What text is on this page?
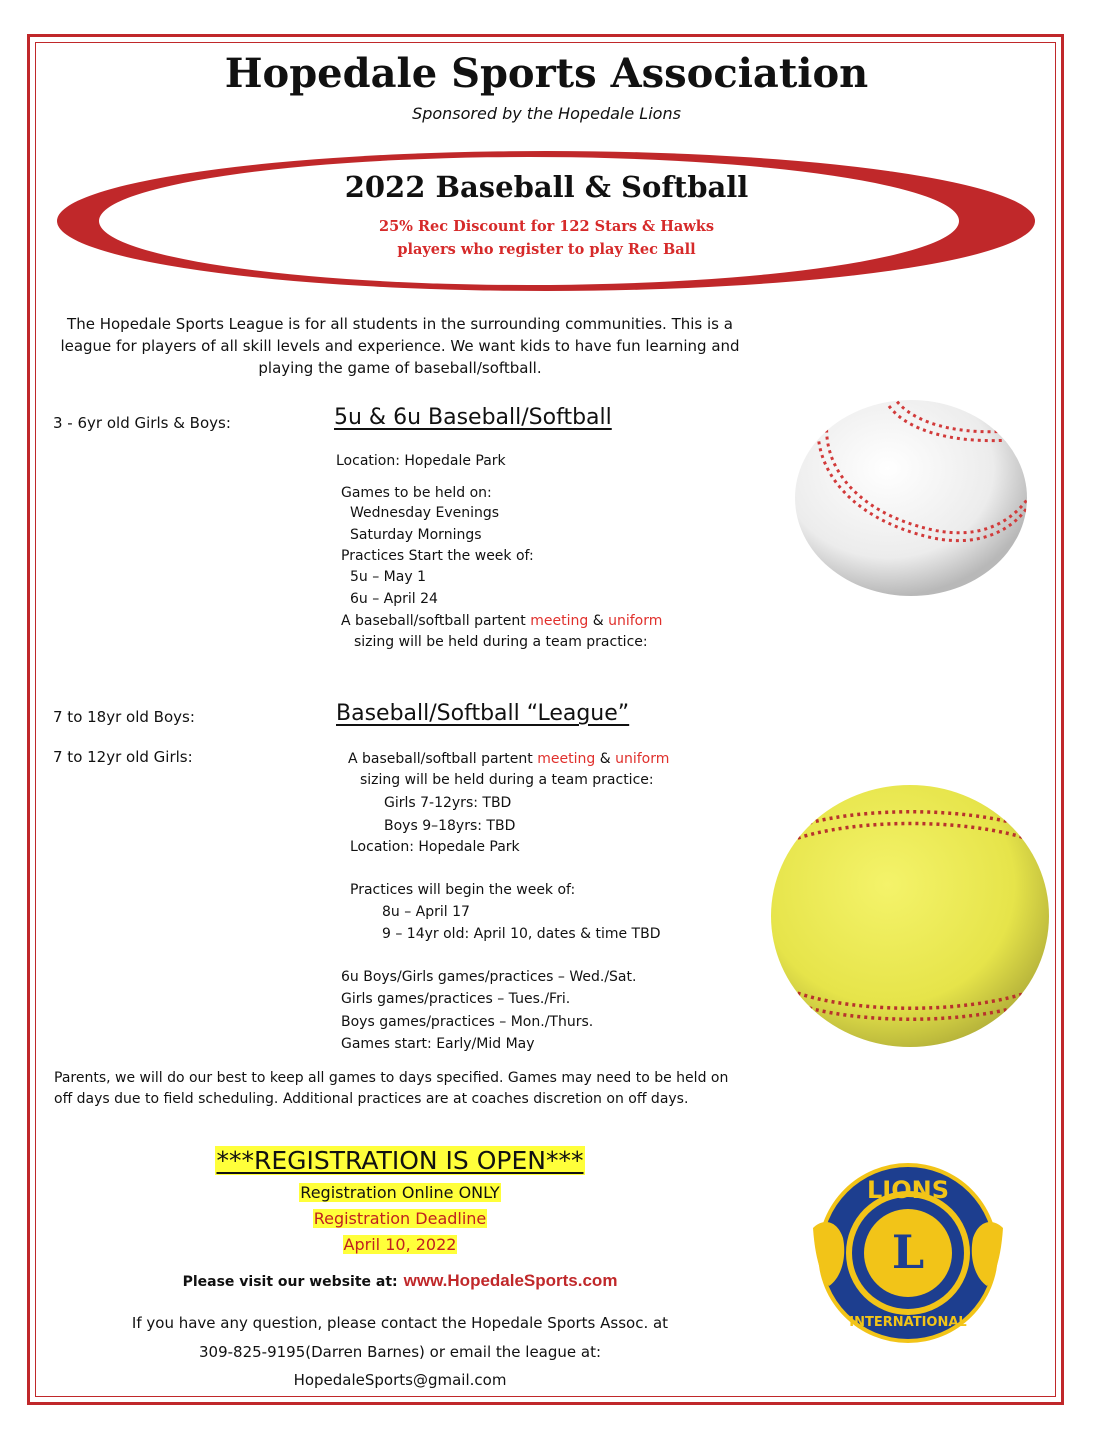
Hopedale Sports Association
Sponsored by the Hopedale Lions
2022 Baseball & Softball
25% Rec Discount for 122 Stars & Hawks
players who register to play Rec Ball
The Hopedale Sports League is for all students in the surrounding communities. This is a league for players of all skill levels and experience. We want kids to have fun learning and playing the game of baseball/softball.
3 - 6yr old Girls & Boys:	5u & 6u Baseball/Softball
Location: Hopedale Park
Games to be held on:
Wednesday Evenings
Saturday Mornings
Practices Start the week of:
5u – May 1
6u – April 24
A baseball/softball partent meeting & uniform
sizing will be held during a team practice:
7 to 18yr old Boys:
7 to 12yr old Girls:
Baseball/Softball “League”
A baseball/softball partent meeting & uniform
sizing will be held during a team practice:
Girls 7-12yrs: TBD
Boys 9–18yrs: TBD
Location: Hopedale Park
Practices will begin the week of:
8u – April 17
9 – 14yr old: April 10, dates & time TBD
6u Boys/Girls games/practices – Wed./Sat.
Girls games/practices – Tues./Fri.
Boys games/practices – Mon./Thurs.
Games start: Early/Mid May
Parents, we will do our best to keep all games to days specified. Games may need to be held on off days due to field scheduling. Additional practices are at coaches discretion on off days.
***REGISTRATION IS OPEN***
Registration Online ONLY
Registration Deadline
April 10, 2022
Please visit our website at: www.HopedaleSports.com
If you have any question, please contact the Hopedale Sports Assoc. at
309-825-9195(Darren Barnes) or email the league at:
HopedaleSports@gmail.com
LIONS
L
INTERNATIONAL
